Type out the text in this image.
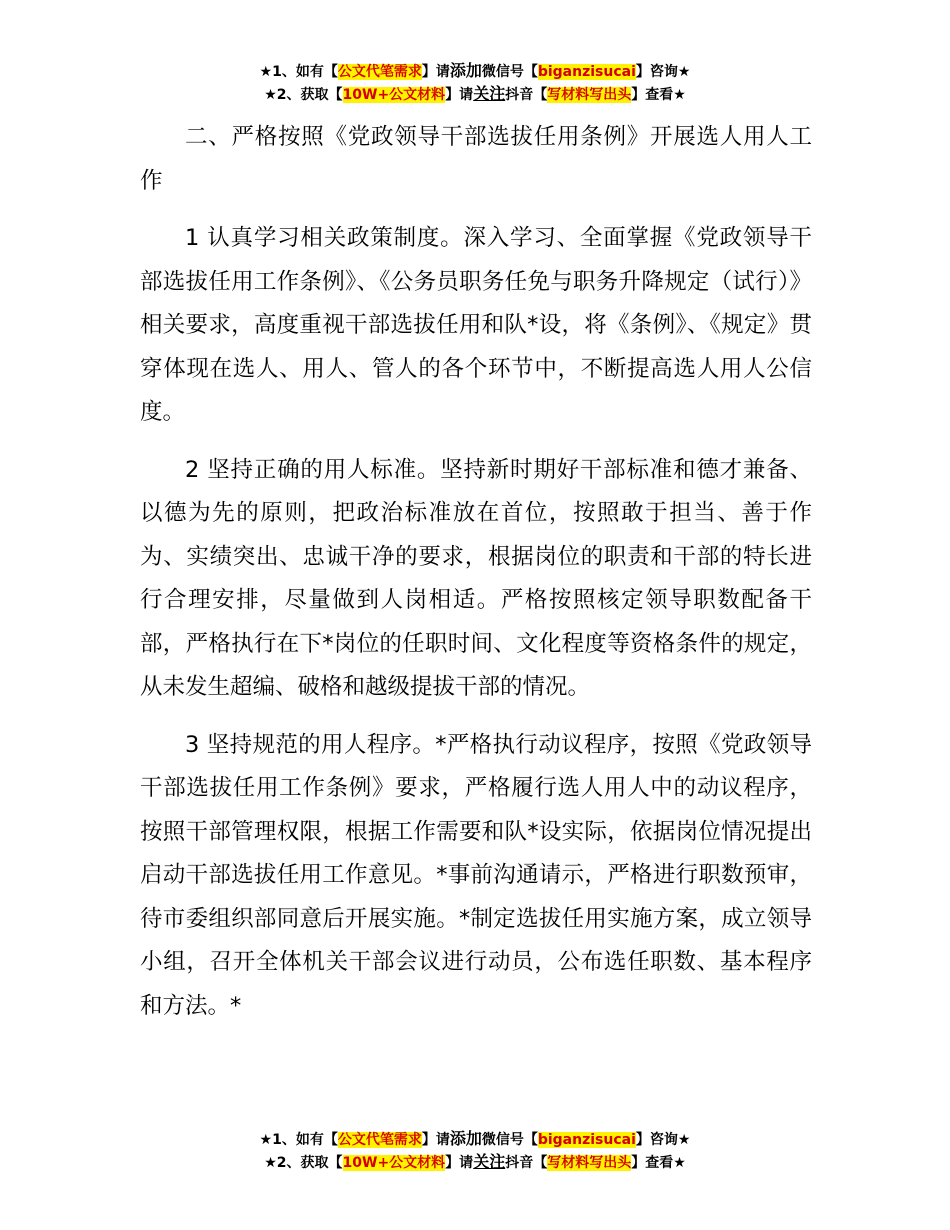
★1、如有【公文代笔需求】请添加微信号【biganzisucai】咨询★
★2、获取【10W+公文材料】请关注抖音【写材料写出头】查看★

二、严格按照《党政领导干部选拔任用条例》开展选人用人工作

1 认真学习相关政策制度。深入学习、全面掌握《党政领导干部选拔任用工作条例》、《公务员职务任免与职务升降规定（试行）》相关要求，高度重视干部选拔任用和队*设，将《条例》、《规定》贯穿体现在选人、用人、管人的各个环节中，不断提高选人用人公信度。

2 坚持正确的用人标准。坚持新时期好干部标准和德才兼备、以德为先的原则，把政治标准放在首位，按照敢于担当、善于作为、实绩突出、忠诚干净的要求，根据岗位的职责和干部的特长进行合理安排，尽量做到人岗相适。严格按照核定领导职数配备干部，严格执行在下*岗位的任职时间、文化程度等资格条件的规定，从未发生超编、破格和越级提拔干部的情况。

3 坚持规范的用人程序。*严格执行动议程序，按照《党政领导干部选拔任用工作条例》要求，严格履行选人用人中的动议程序，按照干部管理权限，根据工作需要和队*设实际，依据岗位情况提出启动干部选拔任用工作意见。*事前沟通请示，严格进行职数预审，待市委组织部同意后开展实施。*制定选拔任用实施方案，成立领导小组，召开全体机关干部会议进行动员，公布选任职数、基本程序和方法。*

★1、如有【公文代笔需求】请添加微信号【biganzisucai】咨询★
★2、获取【10W+公文材料】请关注抖音【写材料写出头】查看★
